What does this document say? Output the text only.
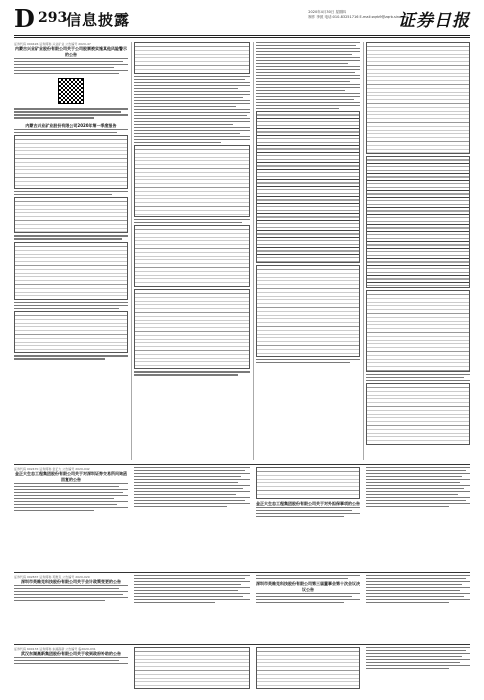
D 293
信息披露	2020年4月30日 星期四
制作 李波 电话:010-83251716 E-mail:zqrb9@zqrb.sina.net
证券日报
证券代码 000426 证券简称 兴业矿业 公告编号 2020-47
内蒙古兴业矿业股份有限公司关于公司股票被实施其他风险警示的公告
内蒙古兴业矿业股份有限公司2020年第一季度报告
证券代码 002470 证券简称 金正大 公告编号 2020-042
金正大生态工程集团股份有限公司关于对深圳证券交易所问询函回复的公告
金正大生态工程集团股份有限公司关于对外担保事项的公告
证券代码 002837 证券简称 英维克 公告编号 2020-029
深圳市英维克科技股份有限公司关于会计政策变更的公告	深圳市英维克科技股份有限公司第三届董事会第十次会议决议公告
证券代码 600133 证券简称 东湖高新 公告编号 临2020-031
武汉东湖高新集团股份有限公司关于收到政府补助的公告
